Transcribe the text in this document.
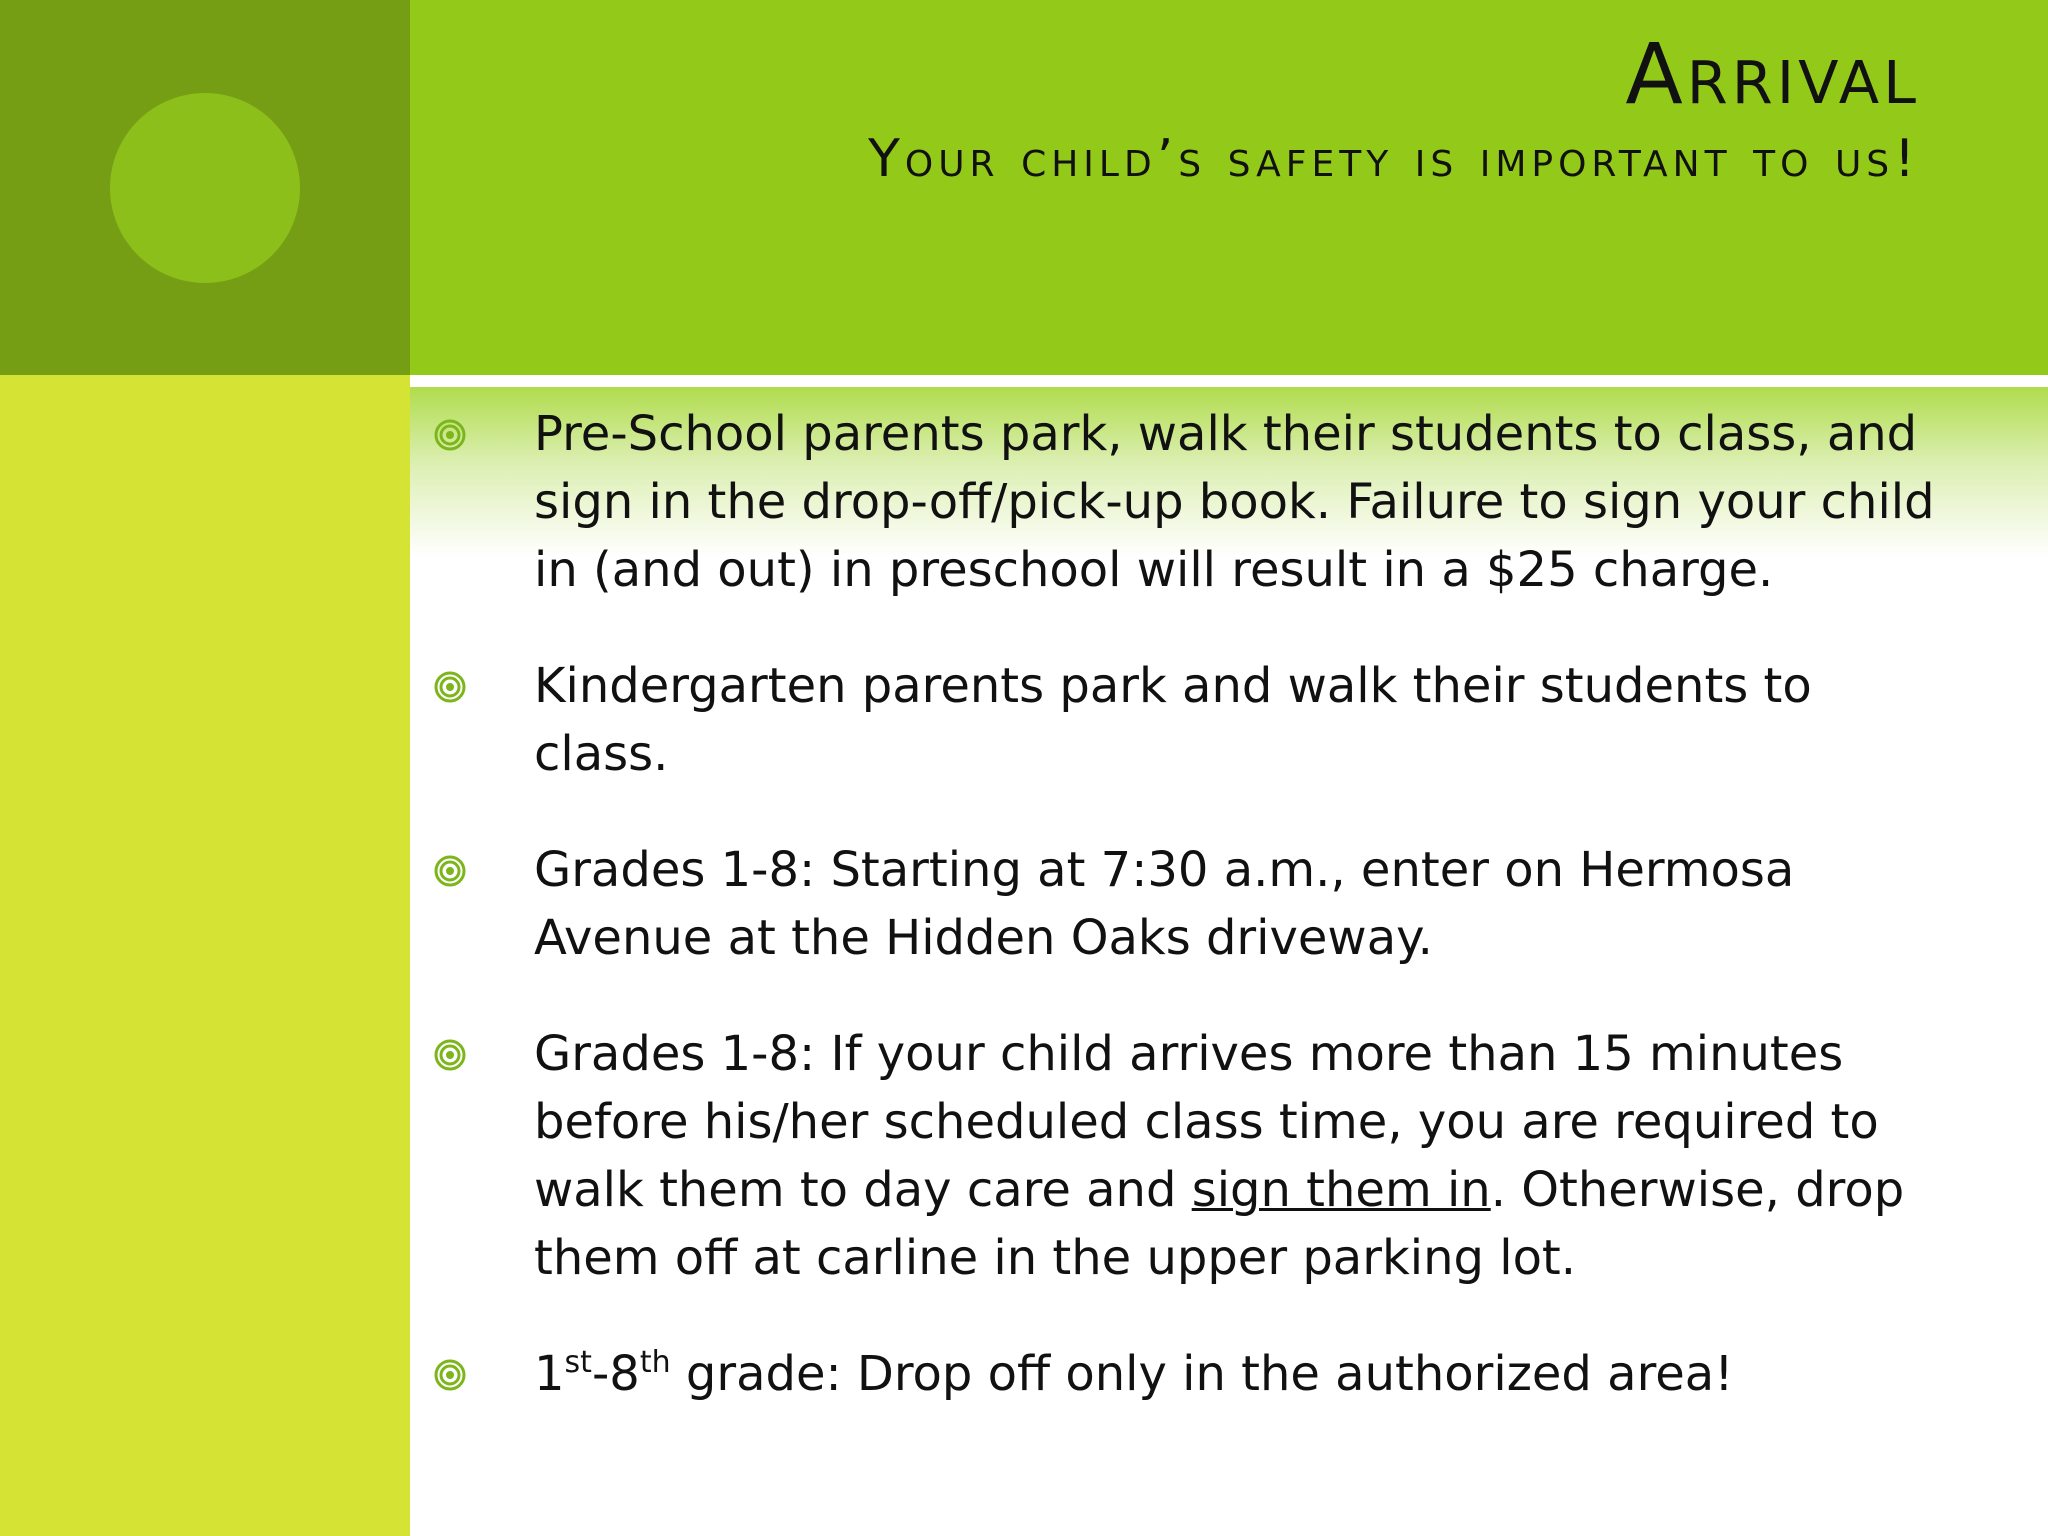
Arrival
Your child’s safety is important to us!
Pre-School parents park, walk their students to class, and sign in the drop-off/pick-up book. Failure to sign your child in (and out) in preschool will result in a $25 charge.
Kindergarten parents park and walk their students to class.
Grades 1-8: Starting at 7:30 a.m., enter on Hermosa Avenue at the Hidden Oaks driveway.
Grades 1-8: If your child arrives more than 15 minutes before his/her scheduled class time, you are required to walk them to day care and sign them in. Otherwise, drop them off at carline in the upper parking lot.
1st-8th grade: Drop off only in the authorized area!
